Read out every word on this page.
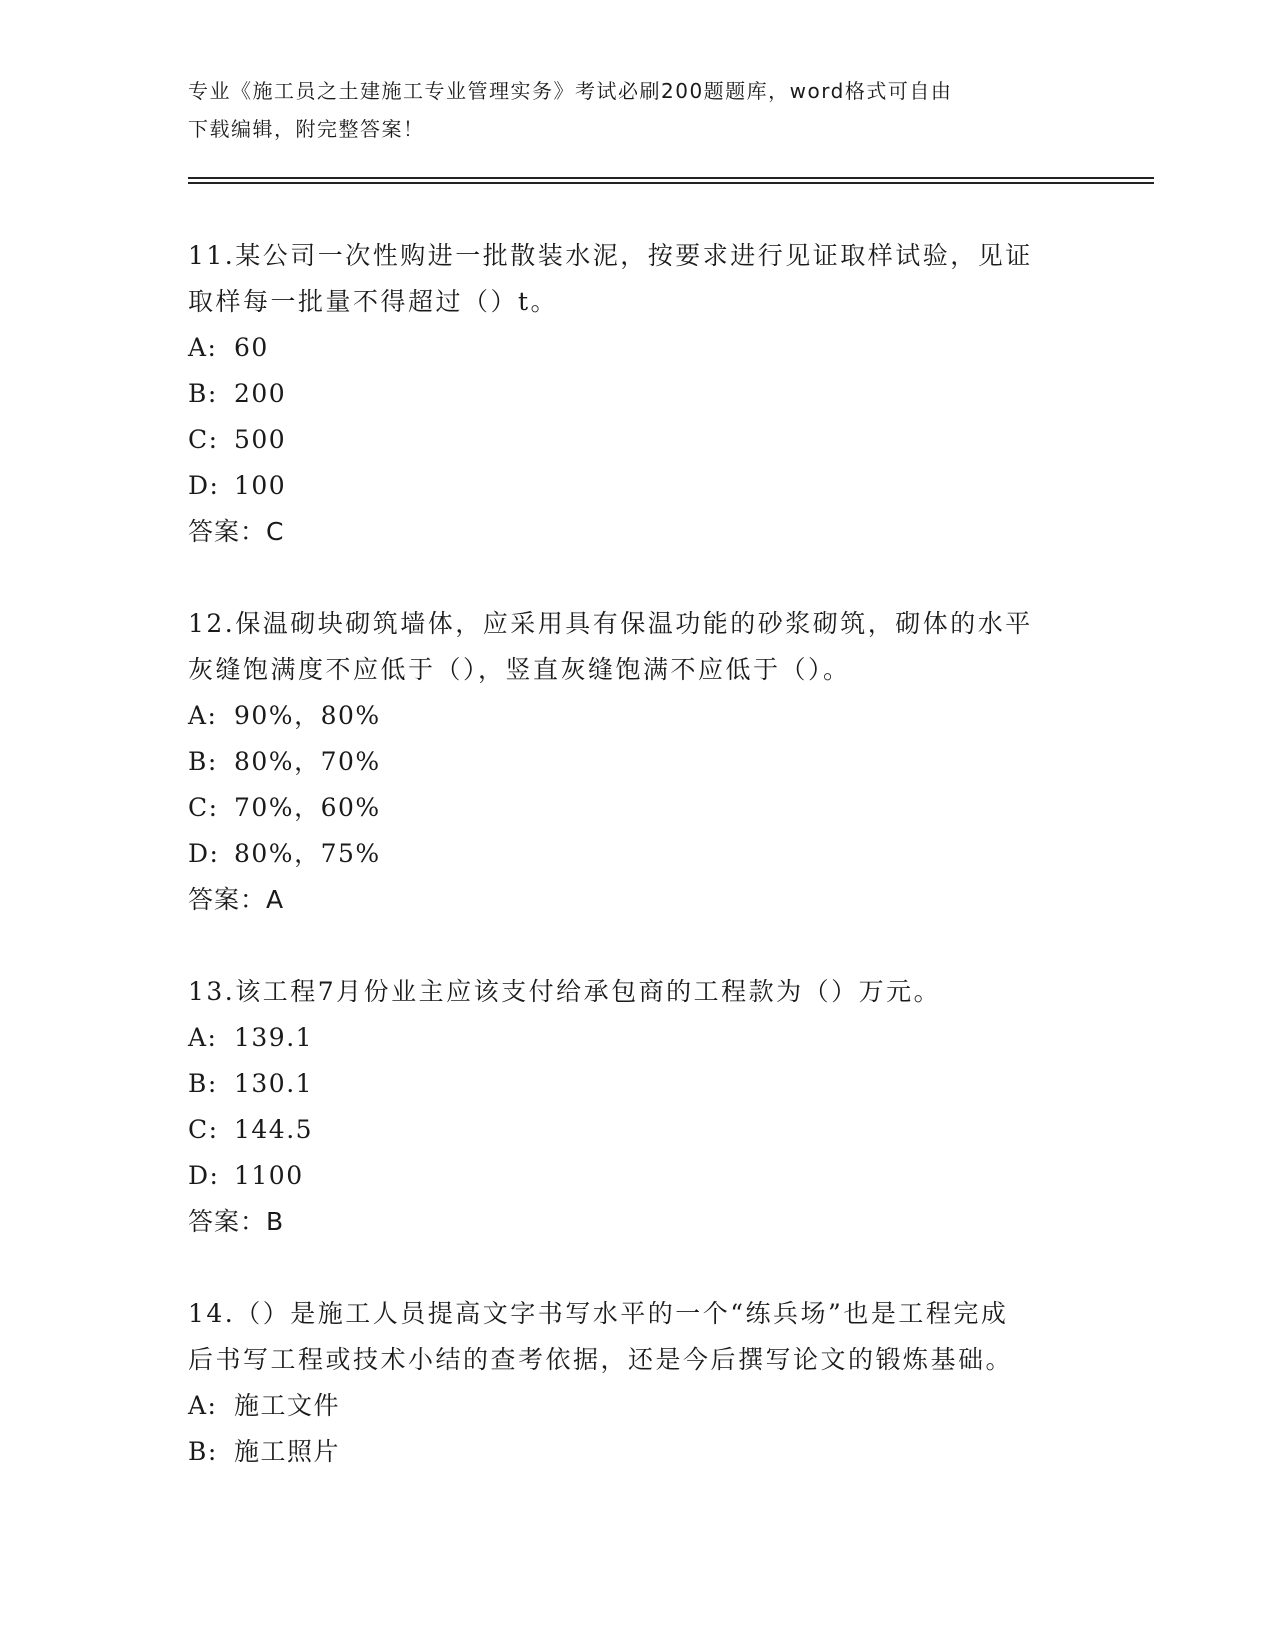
专业《施工员之土建施工专业管理实务》考试必刷200题题库，word格式可自由
下载编辑，附完整答案！

11.某公司一次性购进一批散装水泥，按要求进行见证取样试验，见证

取样每一批量不得超过（）t。

A: 60
B: 200
C: 500
D: 100
答案： C

12.保温砌块砌筑墙体，应采用具有保温功能的砂浆砌筑，砌体的水平

灰缝饱满度不应低于（），竖直灰缝饱满不应低于（）。

A: 90%，80%
B: 80%，70%
C: 70%，60%
D: 80%，75%
答案： A

13.该工程7月份业主应该支付给承包商的工程款为（）万元。

A: 139.1
B: 130.1
C: 144.5
D: 1100
答案： B

14.（）是施工人员提高文字书写水平的一个“练兵场”也是工程完成

后书写工程或技术小结的查考依据，还是今后撰写论文的锻炼基础。

A: 施工文件
B: 施工照片
